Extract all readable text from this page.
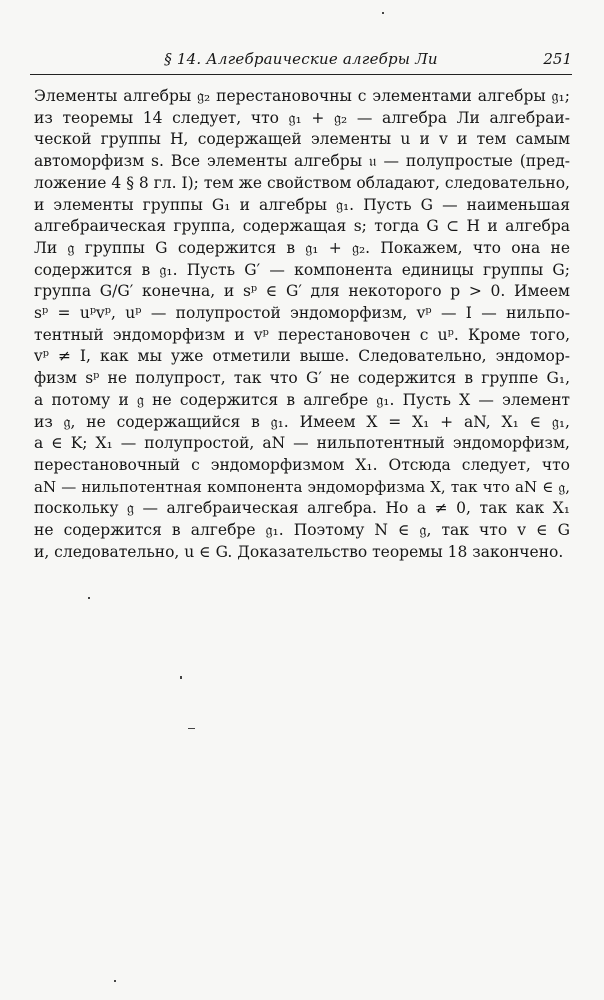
§ 14. Алгебраические алгебры Ли	251
Элементы алгебры 𝔤₂ перестановочны с элементами алгебры 𝔤₁;
из теоремы 14 следует, что 𝔤₁ + 𝔤₂ — алгебра Ли алгебраи-
ческой группы H, содержащей элементы u и v и тем самым
автоморфизм s. Все элементы алгебры 𝔲 — полупростые (пред-
ложение 4 § 8 гл. I); тем же свойством обладают, следовательно,
и элементы группы G₁ и алгебры 𝔤₁. Пусть G — наименьшая
алгебраическая группа, содержащая s; тогда G ⊂ H и алгебра
Ли 𝔤 группы G содержится в 𝔤₁ + 𝔤₂. Покажем, что она не
содержится в 𝔤₁. Пусть G′ — компонента единицы группы G;
группа G/G′ конечна, и sᵖ ∈ G′ для некоторого p > 0. Имеем
sᵖ = uᵖvᵖ, uᵖ — полупростой эндоморфизм, vᵖ — I — нильпо-
тентный эндоморфизм и vᵖ перестановочен с uᵖ. Кроме того,
vᵖ ≠ I, как мы уже отметили выше. Следовательно, эндомор-
физм sᵖ не полупрост, так что G′ не содержится в группе G₁,
а потому и 𝔤 не содержится в алгебре 𝔤₁. Пусть X — элемент
из 𝔤, не содержащийся в 𝔤₁. Имеем X = X₁ + aN, X₁ ∈ 𝔤₁,
a ∈ K; X₁ — полупростой, aN — нильпотентный эндоморфизм,
перестановочный с эндоморфизмом X₁. Отсюда следует, что
aN — нильпотентная компонента эндоморфизма X, так что aN ∈ 𝔤,
поскольку 𝔤 — алгебраическая алгебра. Но a ≠ 0, так как X₁
не содержится в алгебре 𝔤₁. Поэтому N ∈ 𝔤, так что v ∈ G
и, следовательно, u ∈ G. Доказательство теоремы 18 закончено.
